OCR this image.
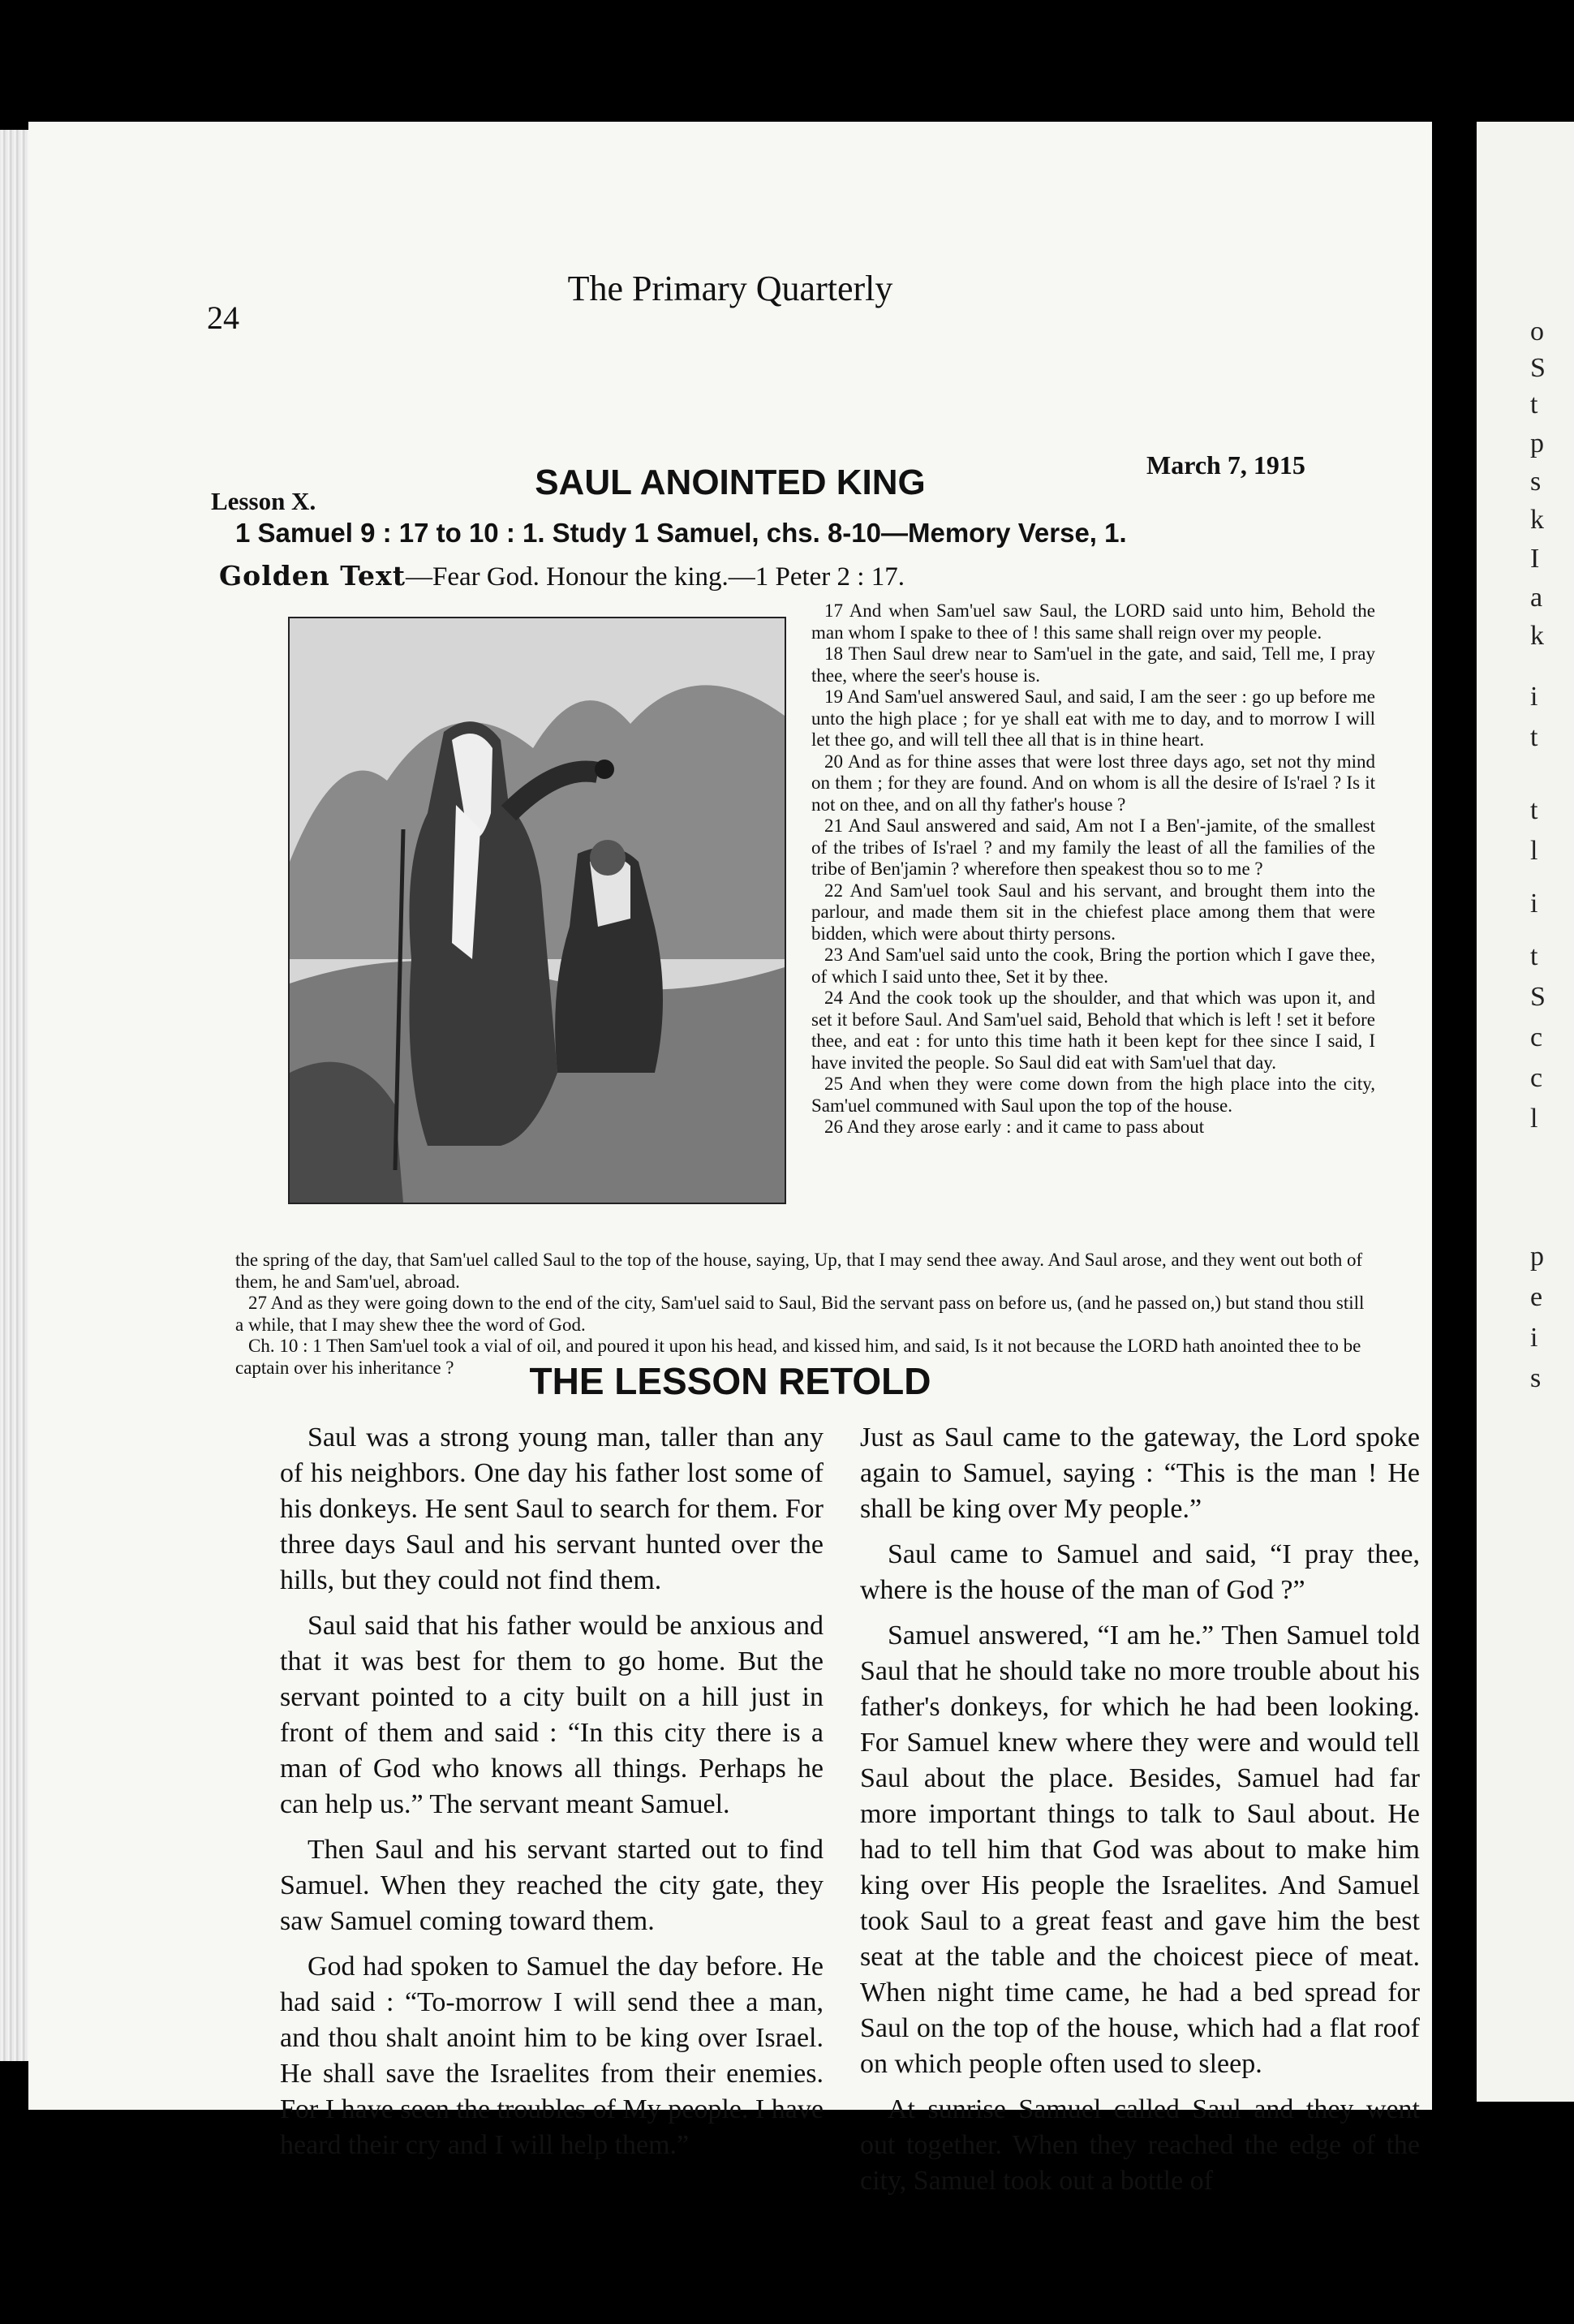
The Primary Quarterly
24
Lesson X.	SAUL ANOINTED KING	March 7, 1915
1 Samuel 9 : 17 to 10 : 1. Study 1 Samuel, chs. 8-10—Memory Verse, 1.
Golden Text—Fear God. Honour the king.—1 Peter 2 : 17.

17 And when Sam'uel saw Saul, the LORD said unto him, Behold the man whom I spake to thee of ! this same shall reign over my people.

18 Then Saul drew near to Sam'uel in the gate, and said, Tell me, I pray thee, where the seer's house is.

19 And Sam'uel answered Saul, and said, I am the seer : go up before me unto the high place ; for ye shall eat with me to day, and to morrow I will let thee go, and will tell thee all that is in thine heart.

20 And as for thine asses that were lost three days ago, set not thy mind on them ; for they are found. And on whom is all the desire of Is'rael ? Is it not on thee, and on all thy father's house ?

21 And Saul answered and said, Am not I a Ben'-jamite, of the smallest of the tribes of Is'rael ? and my family the least of all the families of the tribe of Ben'jamin ? wherefore then speakest thou so to me ?

22 And Sam'uel took Saul and his servant, and brought them into the parlour, and made them sit in the chiefest place among them that were bidden, which were about thirty persons.

23 And Sam'uel said unto the cook, Bring the portion which I gave thee, of which I said unto thee, Set it by thee.

24 And the cook took up the shoulder, and that which was upon it, and set it before Saul. And Sam'uel said, Behold that which is left ! set it before thee, and eat : for unto this time hath it been kept for thee since I said, I have invited the people. So Saul did eat with Sam'uel that day.

25 And when they were come down from the high place into the city, Sam'uel communed with Saul upon the top of the house.

26 And they arose early : and it came to pass about

the spring of the day, that Sam'uel called Saul to the top of the house, saying, Up, that I may send thee away. And Saul arose, and they went out both of them, he and Sam'uel, abroad.

27 And as they were going down to the end of the city, Sam'uel said to Saul, Bid the servant pass on before us, (and he passed on,) but stand thou still a while, that I may shew thee the word of God.

Ch. 10 : 1 Then Sam'uel took a vial of oil, and poured it upon his head, and kissed him, and said, Is it not because the LORD hath anointed thee to be captain over his inheritance ?	THE LESSON RETOLD

Saul was a strong young man, taller than any of his neighbors. One day his father lost some of his donkeys. He sent Saul to search for them. For three days Saul and his servant hunted over the hills, but they could not find them.

Saul said that his father would be anxious and that it was best for them to go home. But the servant pointed to a city built on a hill just in front of them and said : “In this city there is a man of God who knows all things. Perhaps he can help us.” The servant meant Samuel.

Then Saul and his servant started out to find Samuel. When they reached the city gate, they saw Samuel coming toward them.

God had spoken to Samuel the day before. He had said : “To-morrow I will send thee a man, and thou shalt anoint him to be king over Israel. He shall save the Israelites from their enemies. For I have seen the troubles of My people. I have heard their cry and I will help them.”

Just as Saul came to the gateway, the Lord spoke again to Samuel, saying : “This is the man ! He shall be king over My people.”

Saul came to Samuel and said, “I pray thee, where is the house of the man of God ?”

Samuel answered, “I am he.” Then Samuel told Saul that he should take no more trouble about his father's donkeys, for which he had been looking. For Samuel knew where they were and would tell Saul about the place. Besides, Samuel had far more important things to talk to Saul about. He had to tell him that God was about to make him king over His people the Israelites. And Samuel took Saul to a great feast and gave him the best seat at the table and the choicest piece of meat. When night time came, he had a bed spread for Saul on the top of the house, which had a flat roof on which people often used to sleep.

At sunrise Samuel called Saul and they went out together. When they reached the edge of the city, Samuel took out a bottle of

o
S
t
p
s
k
I
a
k
i
t
t
l
i
t
S
c
c
l
p
e
i
s
